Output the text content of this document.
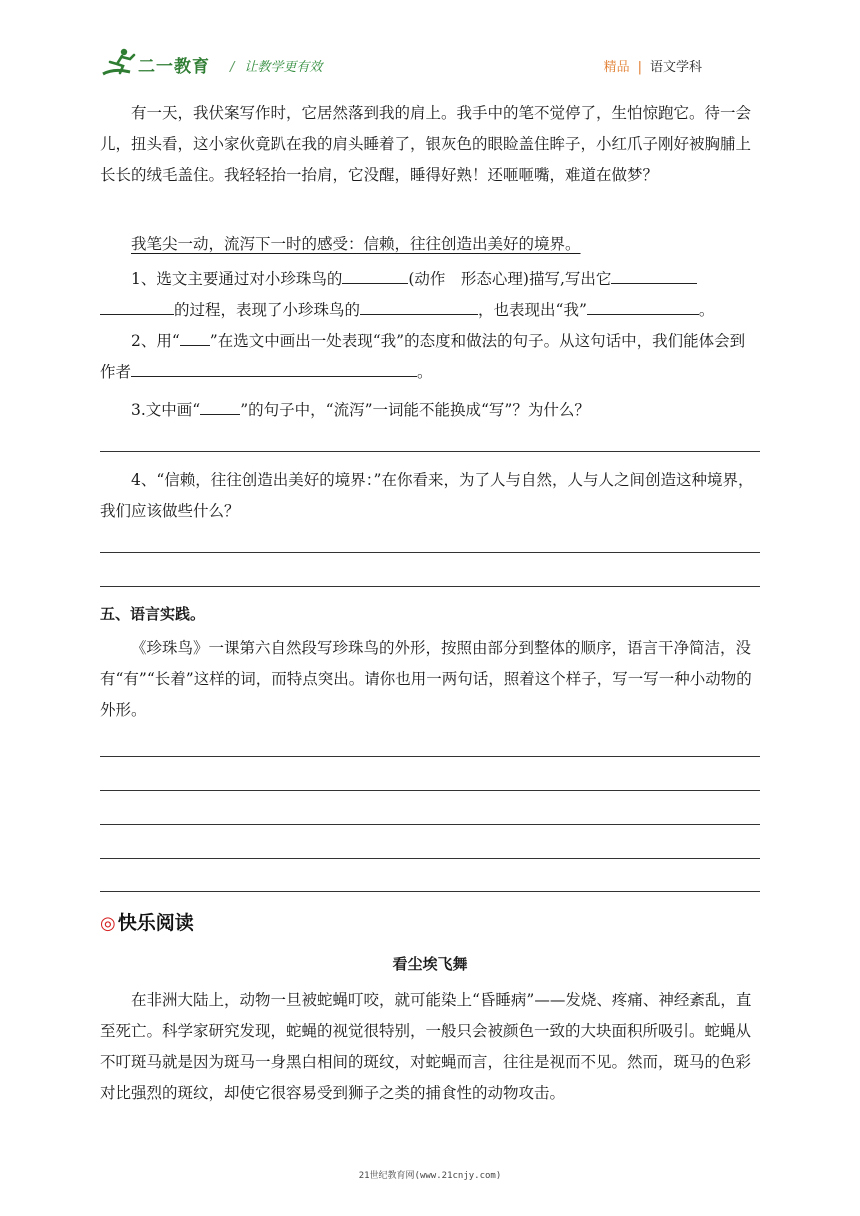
二一教育 / 让教学更有效	精品 | 语文学科

有一天，我伏案写作时，它居然落到我的肩上。我手中的笔不觉停了，生怕惊跑它。待一会儿，扭头看，这小家伙竟趴在我的肩头睡着了，银灰色的眼睑盖住眸子，小红爪子刚好被胸脯上长长的绒毛盖住。我轻轻抬一抬肩，它没醒，睡得好熟！还咂咂嘴，难道在做梦？

我笔尖一动，流泻下一时的感受：信赖，往往创造出美好的境界。

1、选文主要通过对小珍珠鸟的	(动作　形态心理)描写,写出它
的过程，表现了小珍珠鸟的	，也表现出“我”	。

2、用“ ”在选文中画出一处表现“我”的态度和做法的句子。从这句话中，我们能体会到作者	。

3.文中画“	”的句子中，“流泻”一词能不能换成“写”？为什么？

4、“信赖，往往创造出美好的境界：”在你看来，为了人与自然，人与人之间创造这种境界，我们应该做些什么？

五、语言实践。

《珍珠鸟》一课第六自然段写珍珠鸟的外形，按照由部分到整体的顺序，语言干净简洁，没有“有”“长着”这样的词，而特点突出。请你也用一两句话，照着这个样子，写一写一种小动物的外形。

◎ 快乐阅读
看尘埃飞舞

在非洲大陆上，动物一旦被蛇蝇叮咬，就可能染上“昏睡病”——发烧、疼痛、神经紊乱，直至死亡。科学家研究发现，蛇蝇的视觉很特别，一般只会被颜色一致的大块面积所吸引。蛇蝇从不叮斑马就是因为斑马一身黑白相间的斑纹，对蛇蝇而言，往往是视而不见。然而，斑马的色彩对比强烈的斑纹，却使它很容易受到狮子之类的捕食性的动物攻击。

21世纪教育网(www.21cnjy.com)
